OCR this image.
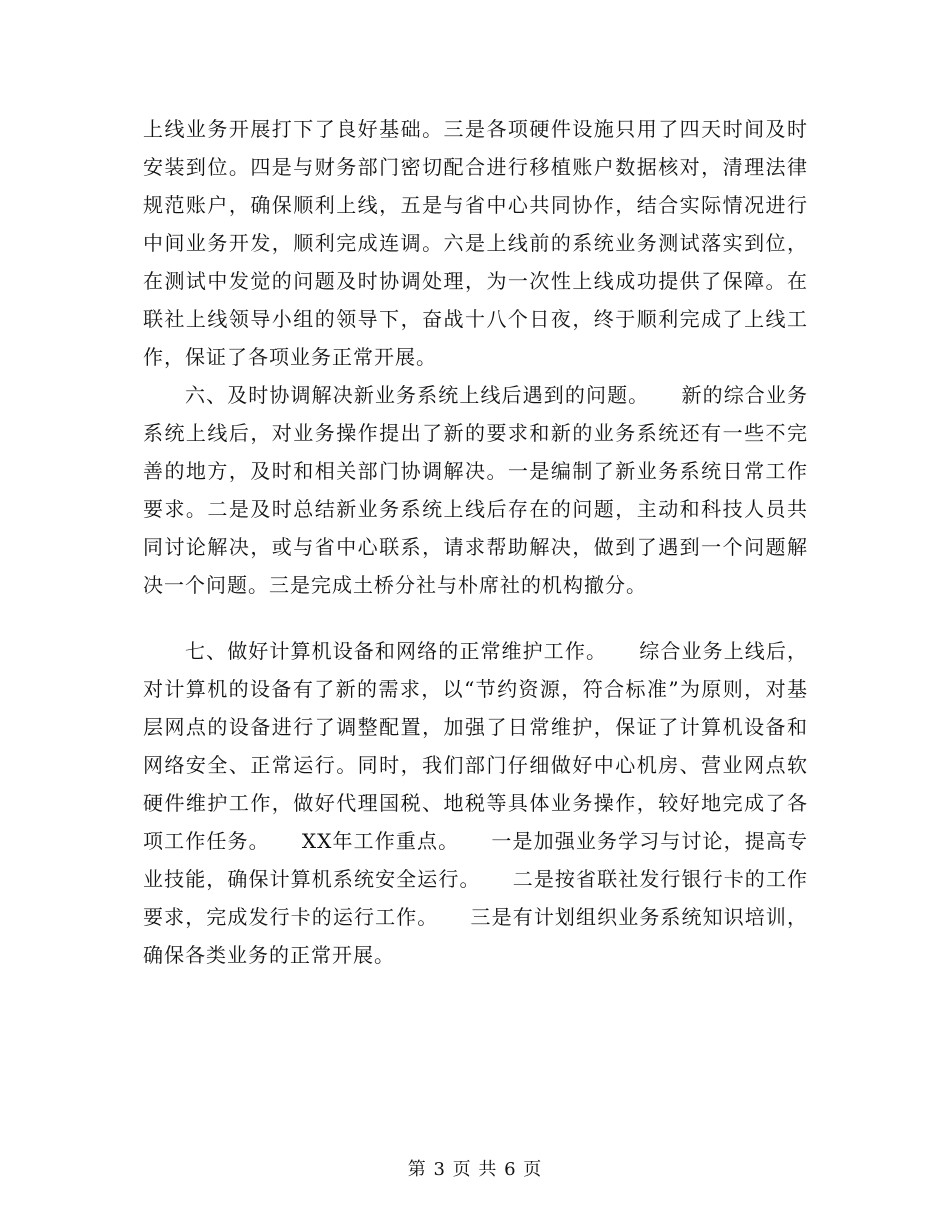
上线业务开展打下了良好基础。三是各项硬件设施只用了四天时间及时安装到位。四是与财务部门密切配合进行移植账户数据核对，清理法律规范账户，确保顺利上线，五是与省中心共同协作，结合实际情况进行中间业务开发，顺利完成连调。六是上线前的系统业务测试落实到位，在测试中发觉的问题及时协调处理，为一次性上线成功提供了保障。在联社上线领导小组的领导下，奋战十八个日夜，终于顺利完成了上线工作，保证了各项业务正常开展。

六、及时协调解决新业务系统上线后遇到的问题。　　新的综合业务系统上线后，对业务操作提出了新的要求和新的业务系统还有一些不完善的地方，及时和相关部门协调解决。一是编制了新业务系统日常工作要求。二是及时总结新业务系统上线后存在的问题，主动和科技人员共同讨论解决，或与省中心联系，请求帮助解决，做到了遇到一个问题解决一个问题。三是完成土桥分社与朴席社的机构撤分。

七、做好计算机设备和网络的正常维护工作。　　综合业务上线后，对计算机的设备有了新的需求，以“节约资源，符合标准”为原则，对基层网点的设备进行了调整配置，加强了日常维护，保证了计算机设备和网络安全、正常运行。同时，我们部门仔细做好中心机房、营业网点软硬件维护工作，做好代理国税、地税等具体业务操作，较好地完成了各项工作任务。　　XX年工作重点。　　一是加强业务学习与讨论，提高专业技能，确保计算机系统安全运行。　　二是按省联社发行银行卡的工作要求，完成发行卡的运行工作。　　三是有计划组织业务系统知识培训，确保各类业务的正常开展。

第 3 页 共 6 页
